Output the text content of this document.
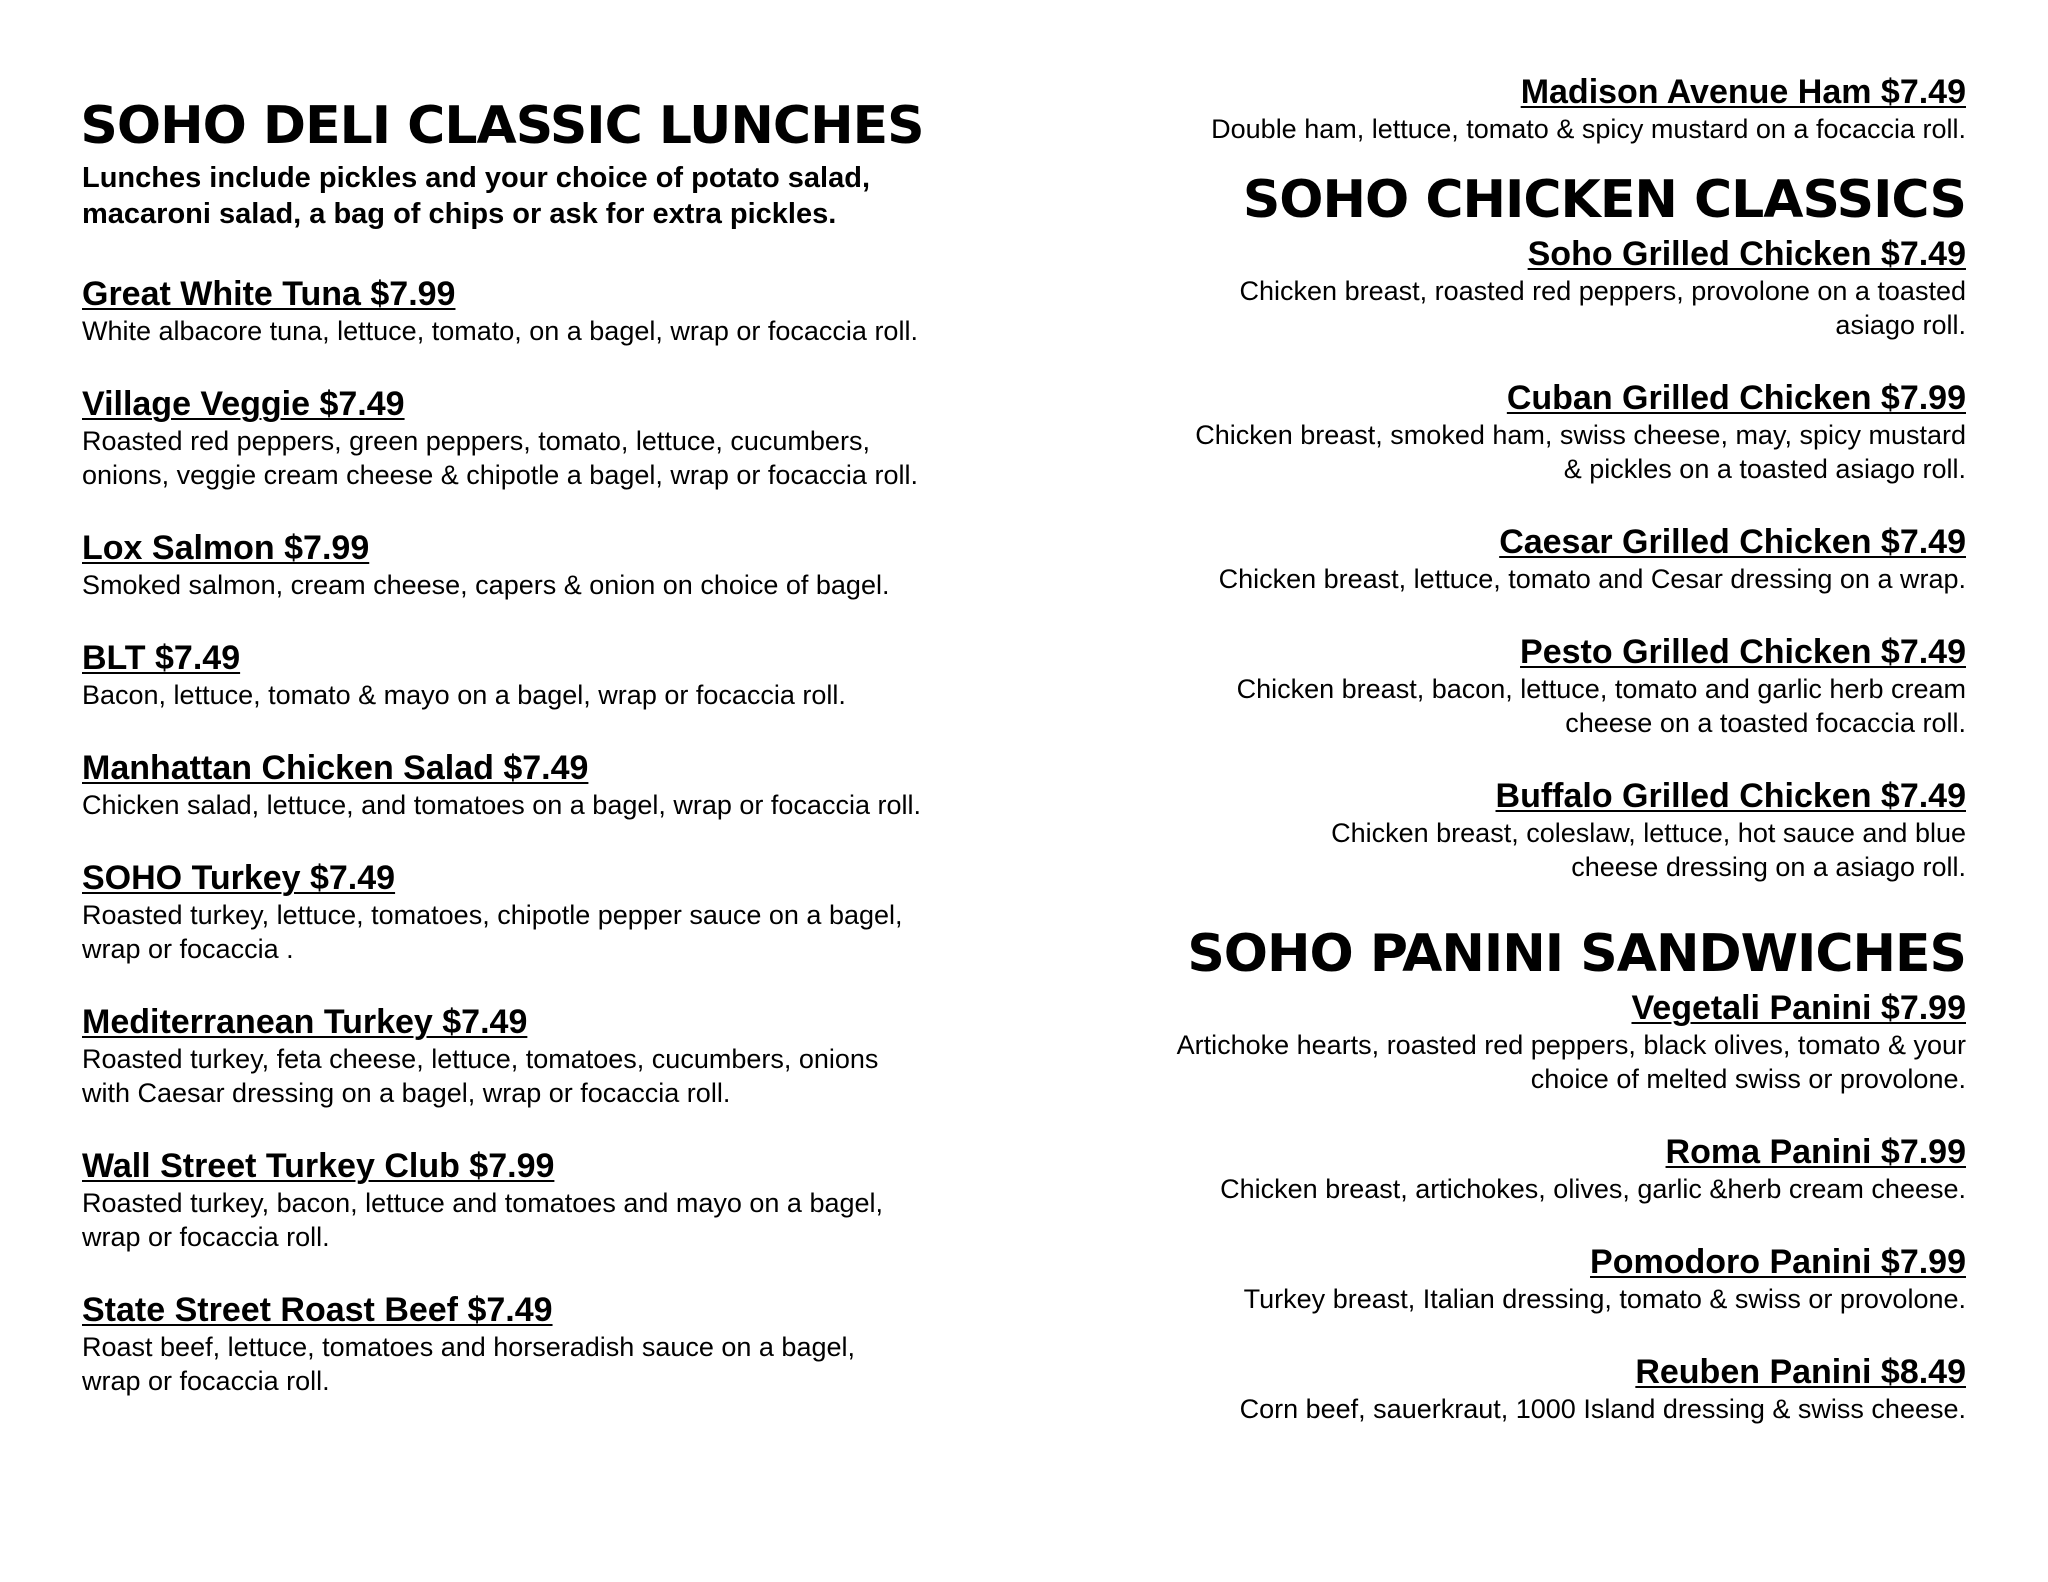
SOHO DELI CLASSIC LUNCHES
Lunches include pickles and your choice of potato salad,
macaroni salad, a bag of chips or ask for extra pickles.
Great White Tuna $7.99
White albacore tuna, lettuce, tomato, on a bagel, wrap or focaccia roll.
Village Veggie $7.49
Roasted red peppers, green peppers, tomato, lettuce, cucumbers,
onions, veggie cream cheese & chipotle a bagel, wrap or focaccia roll.
Lox Salmon $7.99
Smoked salmon, cream cheese, capers & onion on choice of bagel.
BLT $7.49
Bacon, lettuce, tomato & mayo on a bagel, wrap or focaccia roll.
Manhattan Chicken Salad $7.49
Chicken salad, lettuce, and tomatoes on a bagel, wrap or focaccia roll.
SOHO Turkey $7.49
Roasted turkey, lettuce, tomatoes, chipotle pepper sauce on a bagel,
wrap or focaccia .
Mediterranean Turkey $7.49
Roasted turkey, feta cheese, lettuce, tomatoes, cucumbers, onions
with Caesar dressing on a bagel, wrap or focaccia roll.
Wall Street Turkey Club $7.99
Roasted turkey, bacon, lettuce and tomatoes and mayo on a bagel,
wrap or focaccia roll.
State Street Roast Beef $7.49
Roast beef, lettuce, tomatoes and horseradish sauce on a bagel,
wrap or focaccia roll.
Madison Avenue Ham $7.49
Double ham, lettuce, tomato & spicy mustard on a focaccia roll.
SOHO CHICKEN CLASSICS
Soho Grilled Chicken $7.49
Chicken breast, roasted red peppers, provolone on a toasted
asiago roll.
Cuban Grilled Chicken $7.99
Chicken breast, smoked ham, swiss cheese, may, spicy mustard
& pickles on a toasted asiago roll.
Caesar Grilled Chicken $7.49
Chicken breast, lettuce, tomato and Cesar dressing on a wrap.
Pesto Grilled Chicken $7.49
Chicken breast, bacon, lettuce, tomato and garlic herb cream
cheese on a toasted focaccia roll.
Buffalo Grilled Chicken $7.49
Chicken breast, coleslaw, lettuce, hot sauce and blue
cheese dressing on a asiago roll.
SOHO PANINI SANDWICHES
Vegetali Panini $7.99
Artichoke hearts, roasted red peppers, black olives, tomato & your
choice of melted swiss or provolone.
Roma Panini $7.99
Chicken breast, artichokes, olives, garlic &herb cream cheese.
Pomodoro Panini $7.99
Turkey breast, Italian dressing, tomato & swiss or provolone.
Reuben Panini $8.49
Corn beef, sauerkraut, 1000 Island dressing & swiss cheese.
